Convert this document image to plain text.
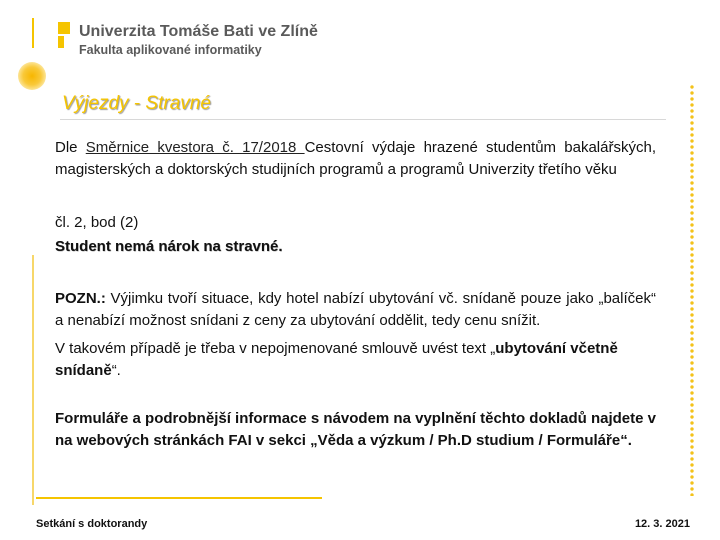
Univerzita Tomáše Bati ve Zlíně
Fakulta aplikované informatiky
Výjezdy - Stravné
Dle Směrnice kvestora č. 17/2018 Cestovní výdaje hrazené studentům bakalářských, magisterských a doktorských studijních programů a programů Univerzity třetího věku
čl. 2, bod (2)
Student nemá nárok na stravné.
POZN.: Výjimku tvoří situace, kdy hotel nabízí ubytování vč. snídaně pouze jako „balíček“ a nenabízí možnost snídani z ceny za ubytování oddělit, tedy cenu snížit.
V takovém případě je třeba v nepojmenované smlouvě uvést text „ubytování včetně snídaně“.
Formuláře a podrobnější informace s návodem na vyplnění těchto dokladů najdete v na webových stránkách FAI v sekci „Věda a výzkum / Ph.D studium / Formuláře“.
Setkání s doktorandy	12. 3. 2021
